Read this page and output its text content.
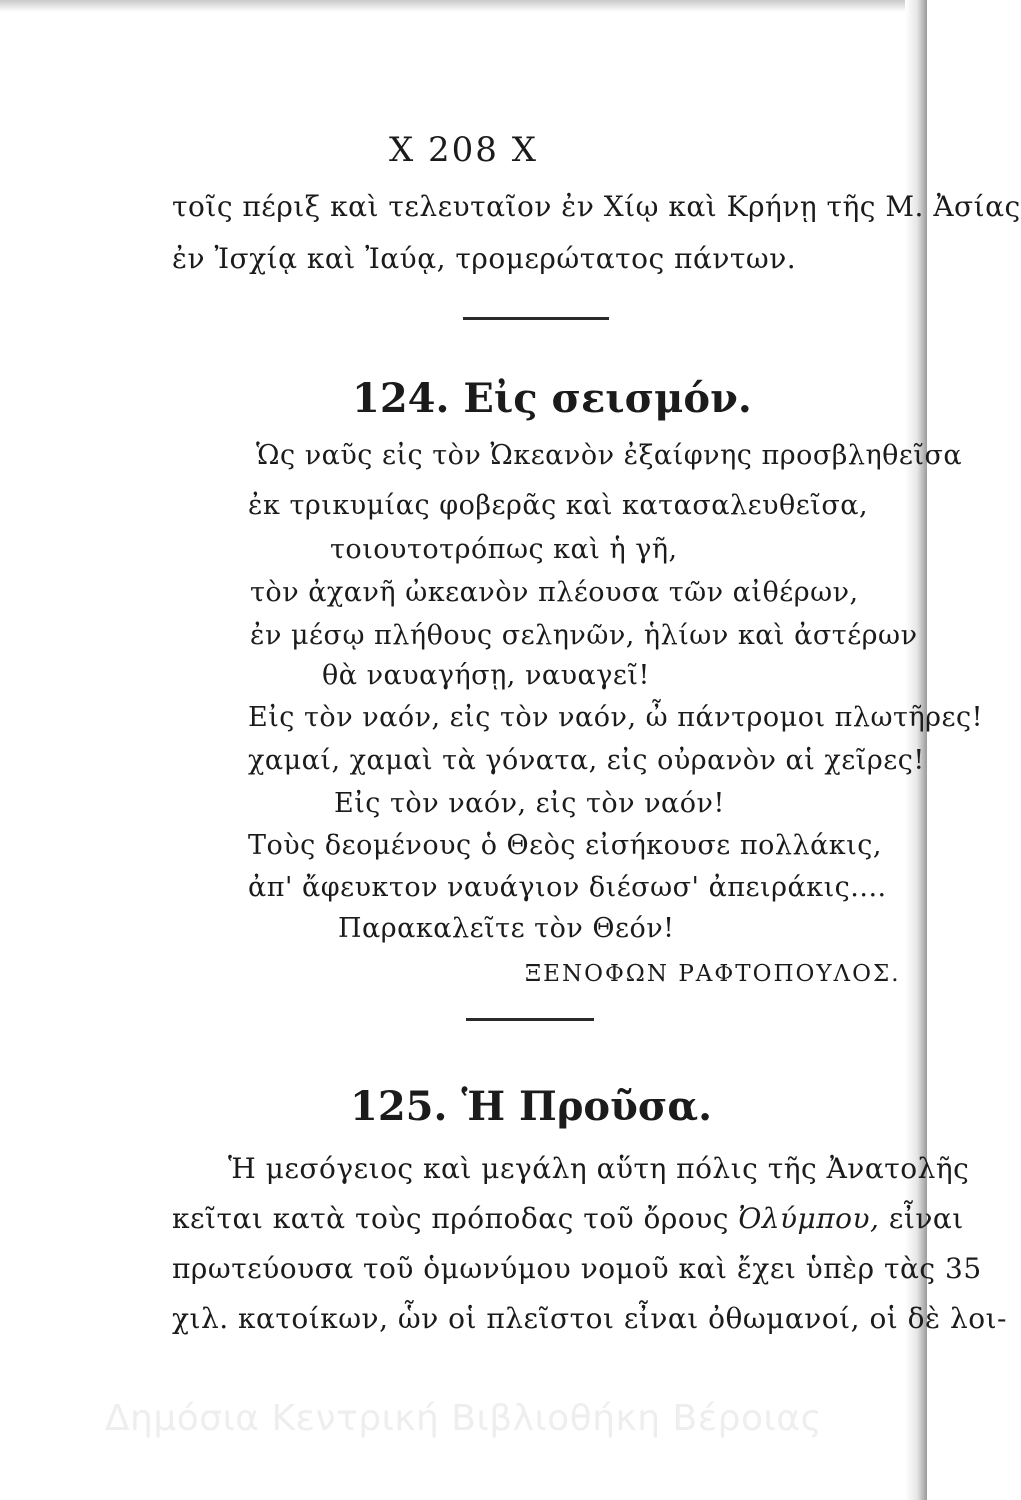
Χ 208 Χ
τοῖς πέριξ καὶ τελευταῖον ἐν Χίῳ καὶ Κρήνῃ τῆς Μ. Ἀσίας
ἐν Ἰσχίᾳ καὶ Ἰαύᾳ, τρομερώτατος πάντων.
124. Εἰς σεισμόν.
Ὡς ναῦς εἰς τὸν Ὠκεανὸν ἐξαίφνης προσβληθεῖσα
ἐκ τρικυμίας φοβερᾶς καὶ κατασαλευθεῖσα,
τοιουτοτρόπως καὶ ἡ γῆ,
τὸν ἀχανῆ ὠκεανὸν πλέουσα τῶν αἰθέρων,
ἐν μέσῳ πλήθους σεληνῶν, ἡλίων καὶ ἀστέρων
θὰ ναυαγήσῃ, ναυαγεῖ!
Εἰς τὸν ναόν, εἰς τὸν ναόν, ὦ πάντρομοι πλωτῆρες!
χαμαί, χαμαὶ τὰ γόνατα, εἰς οὐρανὸν αἱ χεῖρες!
Εἰς τὸν ναόν, εἰς τὸν ναόν!
Τοὺς δεομένους ὁ Θεὸς εἰσήκουσε πολλάκις,
ἀπ' ἄφευκτον ναυάγιον διέσωσ' ἀπειράκις....
Παρακαλεῖτε τὸν Θεόν!
ΞΕΝΟΦΩΝ ΡΑΦΤΟΠΟΥΛΟΣ.
125. Ἡ Προῦσα.
Ἡ μεσόγειος καὶ μεγάλη αὕτη πόλις τῆς Ἀνατολῆς
κεῖται κατὰ τοὺς πρόποδας τοῦ ὄρους Ὀλύμπου, εἶναι
πρωτεύουσα τοῦ ὁμωνύμου νομοῦ καὶ ἔχει ὑπὲρ τὰς 35
χιλ. κατοίκων, ὧν οἱ πλεῖστοι εἶναι ὀθωμανοί, οἱ δὲ λοι-
Δημόσια Κεντρική Βιβλιοθήκη Βέροιας
